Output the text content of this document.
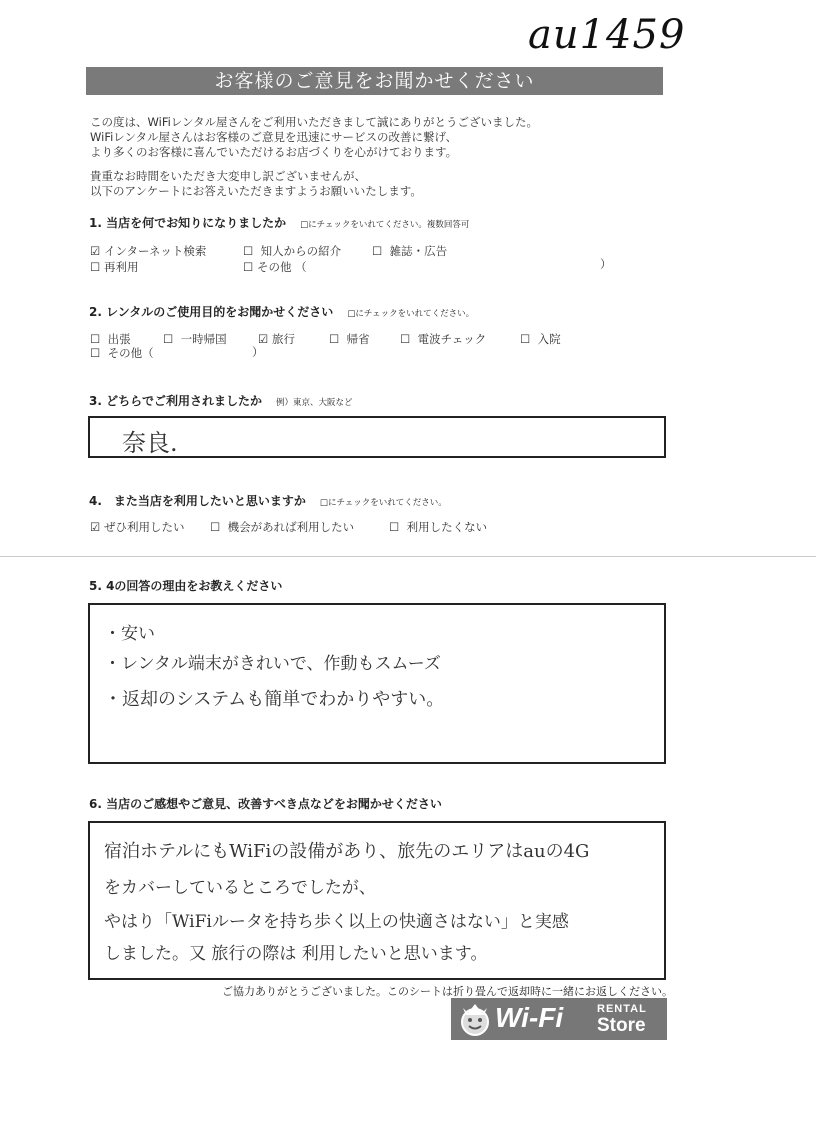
au1459
お客様のご意見をお聞かせください
この度は、WiFiレンタル屋さんをご利用いただきまして誠にありがとうございました。
WiFiレンタル屋さんはお客様のご意見を迅速にサービスの改善に繋げ、
より多くのお客様に喜んでいただけるお店づくりを心がけております。
貴重なお時間をいただき大変申し訳ございませんが、
以下のアンケートにお答えいただきますようお願いいたします。
1. 当店を何でお知りになりましたか □にチェックをいれてください。複数回答可
☑ インターネット検索	☐  知人からの紹介	☐  雑誌・広告
☐ 再利用	☐ その他 （	）
2. レンタルのご使用目的をお聞かせください □にチェックをいれてください。
☐  出張	☐  一時帰国	☑ 旅行	☐  帰省	☐  電波チェック	☐  入院
☐  その他（	）
3. どちらでご利用されましたか 例）東京、大阪など
奈良.
4.　また当店を利用したいと思いますか □にチェックをいれてください。
☑ ぜひ利用したい ☐  機会があれば利用したい	☐  利用したくない
5. 4の回答の理由をお教えください
・安い
・レンタル端末がきれいで、作動もスムーズ
・返却のシステムも簡単でわかりやすい。
6. 当店のご感想やご意見、改善すべき点などをお聞かせください
宿泊ホテルにもWiFiの設備があり、旅先のエリアはauの4G
をカバーしているところでしたが、
やはり「WiFiルータを持ち歩く以上の快適さはない」と実感
しました。又 旅行の際は 利用したいと思います。
ご協力ありがとうございました。このシートは折り畳んで返却時に一緒にお返しください。
Wi-Fi	RENTAL
Store
